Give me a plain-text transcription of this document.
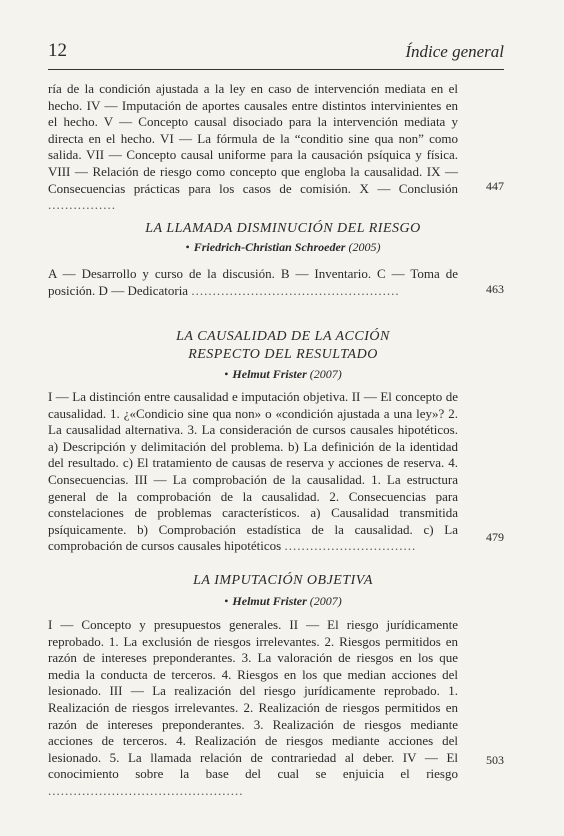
12	Índice general

ría de la condición ajustada a la ley en caso de intervención mediata en el hecho. IV — Imputación de aportes causales entre distintos intervinientes en el hecho. V — Concepto causal disociado para la intervención mediata y directa en el hecho. VI — La fórmula de la “conditio sine qua non” como salida. VII — Concepto causal uniforme para la causación psíquica y física. VIII — Relación de riesgo como concepto que engloba la causalidad. IX — Consecuencias prácticas para los casos de comisión. X — Conclusión ................

447
LA LLAMADA DISMINUCIÓN DEL RIESGO
• Friedrich-Christian Schroeder (2005)

A — Desarrollo y curso de la discusión. B — Inventario. C — Toma de posición. D — Dedicatoria .................................................	463
LA CAUSALIDAD DE LA ACCIÓN
RESPECTO DEL RESULTADO
• Helmut Frister (2007)

I — La distinción entre causalidad e imputación objetiva. II — El concepto de causalidad. 1. ¿«Condicio sine qua non» o «condición ajustada a una ley»? 2. La causalidad alternativa. 3. La consideración de cursos causales hipotéticos. a) Descripción y delimitación del problema. b) La definición de la identidad del resultado. c) El tratamiento de causas de reserva y acciones de reserva. 4. Consecuencias. III — La comprobación de la causalidad. 1. La estructura general de la comprobación de la causalidad. 2. Consecuencias para constelaciones de problemas característicos. a) Causalidad transmitida psíquicamente. b) Comprobación estadística de la causalidad. c) La comprobación de cursos causales hipotéticos ...............................

479
LA IMPUTACIÓN OBJETIVA
• Helmut Frister (2007)

I — Concepto y presupuestos generales. II — El riesgo jurídicamente reprobado. 1. La exclusión de riesgos irrelevantes. 2. Riesgos permitidos en razón de intereses preponderantes. 3. La valoración de riesgos en los que media la conducta de terceros. 4. Riesgos en los que median acciones del lesionado. III — La realización del riesgo jurídicamente reprobado. 1. Realización de riesgos irrelevantes. 2. Realización de riesgos permitidos en razón de intereses preponderantes. 3. Realización de riesgos mediante acciones de terceros. 4. Realización de riesgos mediante acciones del lesionado. 5. La llamada relación de contrariedad al deber. IV — El conocimiento sobre la base del cual se enjuicia el riesgo ..............................................

503
